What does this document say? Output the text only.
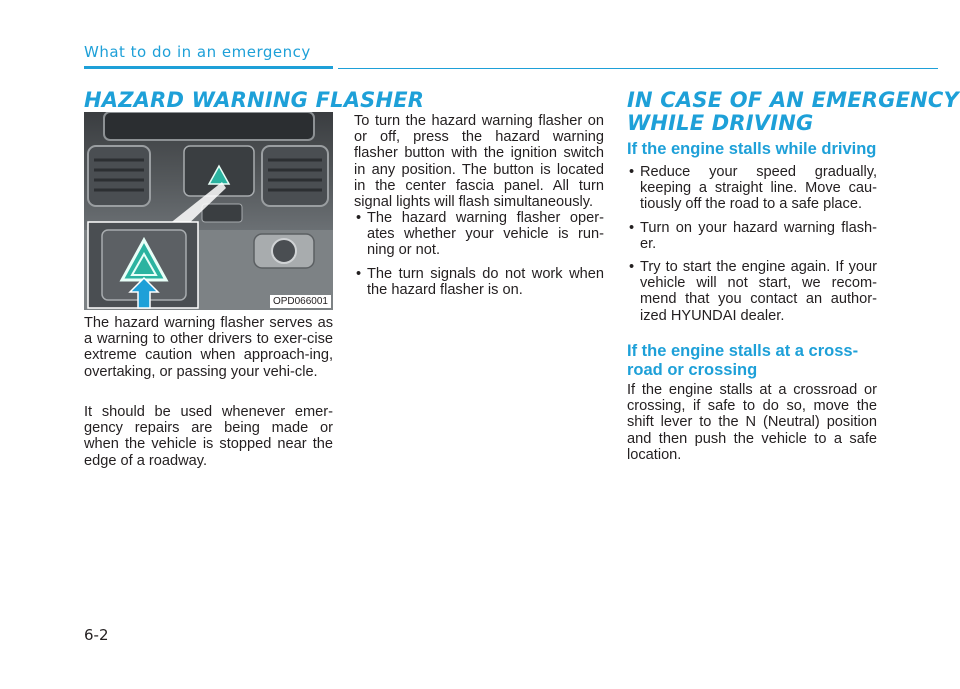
What to do in an emergency
HAZARD WARNING FLASHER
OPD066001

The hazard warning flasher serves as a warning to other drivers to exer-cise extreme caution when approach-ing, overtaking, or passing your vehi-cle.

It should be used whenever emer-gency repairs are being made or when the vehicle is stopped near the edge of a roadway.

To turn the hazard warning flasher on or off, press the hazard warning flasher button with the ignition switch in any position. The button is located in the center fascia panel. All turn signal lights will flash simultaneously.

• The hazard warning flasher oper-ates whether your vehicle is run-ning or not.
• The turn signals do not work when the hazard flasher is on.
IN CASE OF AN EMERGENCY
WHILE DRIVING
If the engine stalls while driving
• Reduce your speed gradually, keeping a straight line. Move cau-tiously off the road to a safe place.
• Turn on your hazard warning flash-er.
• Try to start the engine again. If your vehicle will not start, we recom-mend that you contact an author-ized HYUNDAI dealer.
If the engine stalls at a cross-
road or crossing

If the engine stalls at a crossroad or crossing, if safe to do so, move the shift lever to the N (Neutral) position and then push the vehicle to a safe location.

6-2
